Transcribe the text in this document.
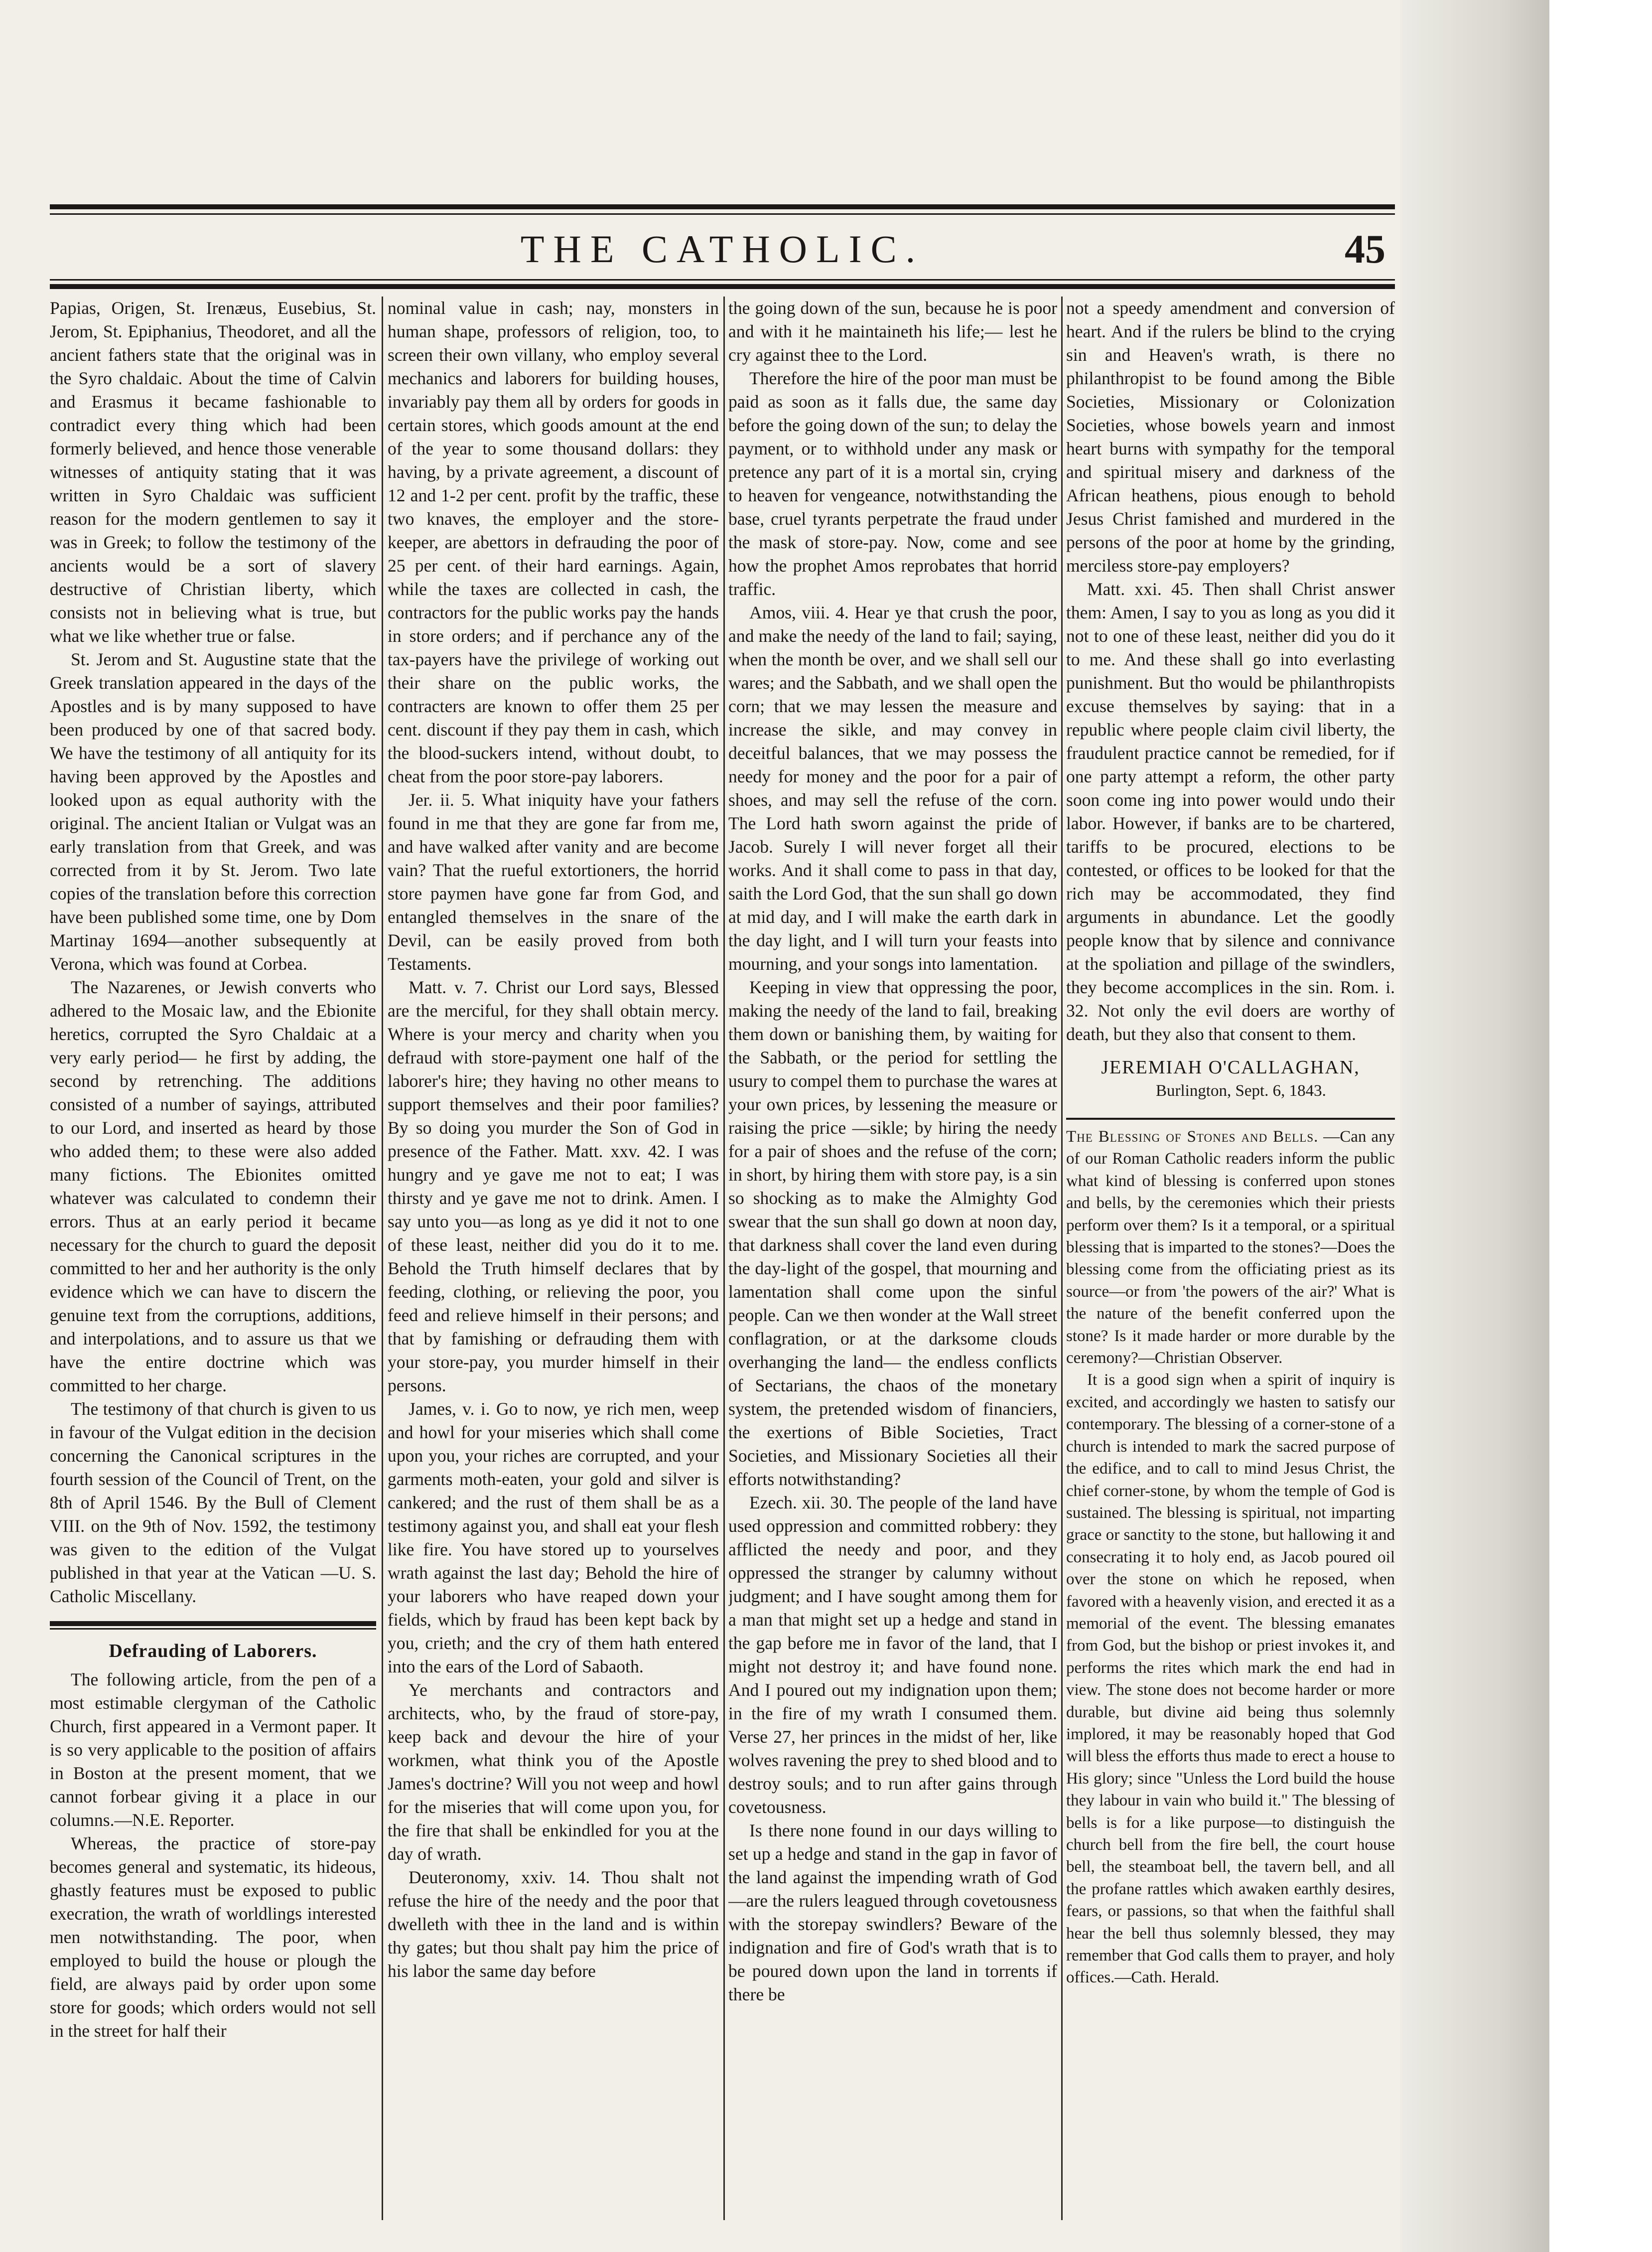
THE CATHOLIC.	45

Papias, Origen, St. Irenæus, Eusebius, St. Jerom, St. Epiphanius, Theodoret, and all the ancient fathers state that the original was in the Syro chaldaic. About the time of Calvin and Erasmus it became fashionable to contradict every thing which had been formerly believed, and hence those venerable witnesses of antiquity stating that it was written in Syro Chaldaic was sufficient reason for the modern gentlemen to say it was in Greek; to follow the testimony of the ancients would be a sort of slavery destructive of Christian liberty, which consists not in believing what is true, but what we like whether true or false.

St. Jerom and St. Augustine state that the Greek translation appeared in the days of the Apostles and is by many supposed to have been produced by one of that sacred body. We have the testimony of all antiquity for its having been approved by the Apostles and looked upon as equal authority with the original. The ancient Italian or Vulgat was an early translation from that Greek, and was corrected from it by St. Jerom. Two late copies of the translation before this correction have been published some time, one by Dom Martinay 1694—another subsequently at Verona, which was found at Corbea.

The Nazarenes, or Jewish converts who adhered to the Mosaic law, and the Ebionite heretics, corrupted the Syro Chaldaic at a very early period— he first by adding, the second by retrenching. The additions consisted of a number of sayings, attributed to our Lord, and inserted as heard by those who added them; to these were also added many fictions. The Ebionites omitted whatever was calculated to condemn their errors. Thus at an early period it became necessary for the church to guard the deposit committed to her and her authority is the only evidence which we can have to discern the genuine text from the corruptions, additions, and interpolations, and to assure us that we have the entire doctrine which was committed to her charge.

The testimony of that church is given to us in favour of the Vulgat edition in the decision concerning the Canonical scriptures in the fourth session of the Council of Trent, on the 8th of April 1546. By the Bull of Clement VIII. on the 9th of Nov. 1592, the testimony was given to the edition of the Vulgat published in that year at the Vatican —U. S. Catholic Miscellany.

Defrauding of Laborers.

The following article, from the pen of a most estimable clergyman of the Catholic Church, first appeared in a Vermont paper. It is so very applicable to the position of affairs in Boston at the present moment, that we cannot forbear giving it a place in our columns.—N.E. Reporter.

Whereas, the practice of store-pay becomes general and systematic, its hideous, ghastly features must be exposed to public execration, the wrath of worldlings interested men notwithstanding. The poor, when employed to build the house or plough the field, are always paid by order upon some store for goods; which orders would not sell in the street for half their

nominal value in cash; nay, monsters in human shape, professors of religion, too, to screen their own villany, who employ several mechanics and laborers for building houses, invariably pay them all by orders for goods in certain stores, which goods amount at the end of the year to some thousand dollars: they having, by a private agreement, a discount of 12 and 1-2 per cent. profit by the traffic, these two knaves, the employer and the store-keeper, are abettors in defrauding the poor of 25 per cent. of their hard earnings. Again, while the taxes are collected in cash, the contractors for the public works pay the hands in store orders; and if perchance any of the tax-payers have the privilege of working out their share on the public works, the contracters are known to offer them 25 per cent. discount if they pay them in cash, which the blood-suckers intend, without doubt, to cheat from the poor store-pay laborers.

Jer. ii. 5. What iniquity have your fathers found in me that they are gone far from me, and have walked after vanity and are become vain? That the rueful extortioners, the horrid store paymen have gone far from God, and entangled themselves in the snare of the Devil, can be easily proved from both Testaments.

Matt. v. 7. Christ our Lord says, Blessed are the merciful, for they shall obtain mercy. Where is your mercy and charity when you defraud with store-payment one half of the laborer's hire; they having no other means to support themselves and their poor families? By so doing you murder the Son of God in presence of the Father. Matt. xxv. 42. I was hungry and ye gave me not to eat; I was thirsty and ye gave me not to drink. Amen. I say unto you—as long as ye did it not to one of these least, neither did you do it to me. Behold the Truth himself declares that by feeding, clothing, or relieving the poor, you feed and relieve himself in their persons; and that by famishing or defrauding them with your store-pay, you murder himself in their persons.

James, v. i. Go to now, ye rich men, weep and howl for your miseries which shall come upon you, your riches are corrupted, and your garments moth-eaten, your gold and silver is cankered; and the rust of them shall be as a testimony against you, and shall eat your flesh like fire. You have stored up to yourselves wrath against the last day; Behold the hire of your laborers who have reaped down your fields, which by fraud has been kept back by you, crieth; and the cry of them hath entered into the ears of the Lord of Sabaoth.

Ye merchants and contractors and architects, who, by the fraud of store-pay, keep back and devour the hire of your workmen, what think you of the Apostle James's doctrine? Will you not weep and howl for the miseries that will come upon you, for the fire that shall be enkindled for you at the day of wrath.

Deuteronomy, xxiv. 14. Thou shalt not refuse the hire of the needy and the poor that dwelleth with thee in the land and is within thy gates; but thou shalt pay him the price of his labor the same day before

the going down of the sun, because he is poor and with it he maintaineth his life;— lest he cry against thee to the Lord.

Therefore the hire of the poor man must be paid as soon as it falls due, the same day before the going down of the sun; to delay the payment, or to withhold under any mask or pretence any part of it is a mortal sin, crying to heaven for vengeance, notwithstanding the base, cruel tyrants perpetrate the fraud under the mask of store-pay. Now, come and see how the prophet Amos reprobates that horrid traffic.

Amos, viii. 4. Hear ye that crush the poor, and make the needy of the land to fail; saying, when the month be over, and we shall sell our wares; and the Sabbath, and we shall open the corn; that we may lessen the measure and increase the sikle, and may convey in deceitful balances, that we may possess the needy for money and the poor for a pair of shoes, and may sell the refuse of the corn. The Lord hath sworn against the pride of Jacob. Surely I will never forget all their works. And it shall come to pass in that day, saith the Lord God, that the sun shall go down at mid day, and I will make the earth dark in the day light, and I will turn your feasts into mourning, and your songs into lamentation.

Keeping in view that oppressing the poor, making the needy of the land to fail, breaking them down or banishing them, by waiting for the Sabbath, or the period for settling the usury to compel them to purchase the wares at your own prices, by lessening the measure or raising the price —sikle; by hiring the needy for a pair of shoes and the refuse of the corn; in short, by hiring them with store pay, is a sin so shocking as to make the Almighty God swear that the sun shall go down at noon day, that darkness shall cover the land even during the day-light of the gospel, that mourning and lamentation shall come upon the sinful people. Can we then wonder at the Wall street conflagration, or at the darksome clouds overhanging the land— the endless conflicts of Sectarians, the chaos of the monetary system, the pretended wisdom of financiers, the exertions of Bible Societies, Tract Societies, and Missionary Societies all their efforts notwithstanding?

Ezech. xii. 30. The people of the land have used oppression and committed robbery: they afflicted the needy and poor, and they oppressed the stranger by calumny without judgment; and I have sought among them for a man that might set up a hedge and stand in the gap before me in favor of the land, that I might not destroy it; and have found none. And I poured out my indignation upon them; in the fire of my wrath I consumed them. Verse 27, her princes in the midst of her, like wolves ravening the prey to shed blood and to destroy souls; and to run after gains through covetousness.

Is there none found in our days willing to set up a hedge and stand in the gap in favor of the land against the impending wrath of God—are the rulers leagued through covetousness with the storepay swindlers? Beware of the indignation and fire of God's wrath that is to be poured down upon the land in torrents if there be

not a speedy amendment and conversion of heart. And if the rulers be blind to the crying sin and Heaven's wrath, is there no philanthropist to be found among the Bible Societies, Missionary or Colonization Societies, whose bowels yearn and inmost heart burns with sympathy for the temporal and spiritual misery and darkness of the African heathens, pious enough to behold Jesus Christ famished and murdered in the persons of the poor at home by the grinding, merciless store-pay employers?

Matt. xxi. 45. Then shall Christ answer them: Amen, I say to you as long as you did it not to one of these least, neither did you do it to me. And these shall go into everlasting punishment. But tho would be philanthropists excuse themselves by saying: that in a republic where people claim civil liberty, the fraudulent practice cannot be remedied, for if one party attempt a reform, the other party soon come ing into power would undo their labor. However, if banks are to be chartered, tariffs to be procured, elections to be contested, or offices to be looked for that the rich may be accommodated, they find arguments in abundance. Let the goodly people know that by silence and connivance at the spoliation and pillage of the swindlers, they become accomplices in the sin. Rom. i. 32. Not only the evil doers are worthy of death, but they also that consent to them.

JEREMIAH O'CALLAGHAN,
Burlington, Sept. 6, 1843.

The Blessing of Stones and Bells. —Can any of our Roman Catholic readers inform the public what kind of blessing is conferred upon stones and bells, by the ceremonies which their priests perform over them? Is it a temporal, or a spiritual blessing that is imparted to the stones?—Does the blessing come from the officiating priest as its source—or from 'the powers of the air?' What is the nature of the benefit conferred upon the stone? Is it made harder or more durable by the ceremony?—Christian Observer.

It is a good sign when a spirit of inquiry is excited, and accordingly we hasten to satisfy our contemporary. The blessing of a corner-stone of a church is intended to mark the sacred purpose of the edifice, and to call to mind Jesus Christ, the chief corner-stone, by whom the temple of God is sustained. The blessing is spiritual, not imparting grace or sanctity to the stone, but hallowing it and consecrating it to holy end, as Jacob poured oil over the stone on which he reposed, when favored with a heavenly vision, and erected it as a memorial of the event. The blessing emanates from God, but the bishop or priest invokes it, and performs the rites which mark the end had in view. The stone does not become harder or more durable, but divine aid being thus solemnly implored, it may be reasonably hoped that God will bless the efforts thus made to erect a house to His glory; since "Unless the Lord build the house they labour in vain who build it." The blessing of bells is for a like purpose—to distinguish the church bell from the fire bell, the court house bell, the steamboat bell, the tavern bell, and all the profane rattles which awaken earthly desires, fears, or passions, so that when the faithful shall hear the bell thus solemnly blessed, they may remember that God calls them to prayer, and holy offices.—Cath. Herald.
